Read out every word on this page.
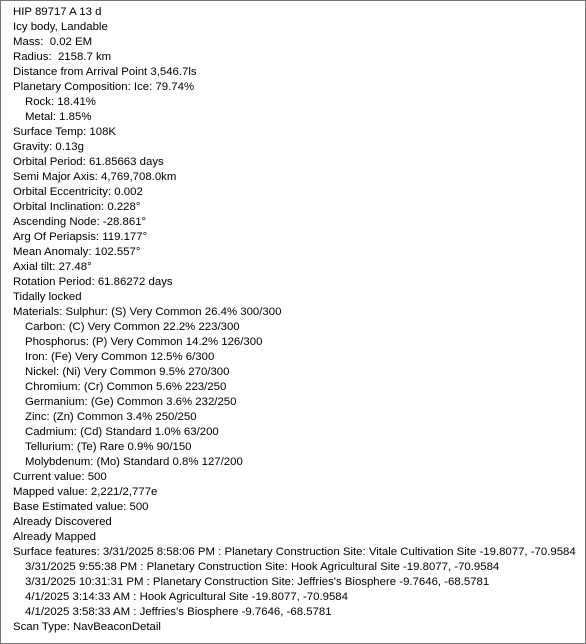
HIP 89717 A 13 d
Icy body, Landable
Mass:  0.02 EM
Radius:  2158.7 km
Distance from Arrival Point 3,546.7ls
Planetary Composition: Ice: 79.74%
Rock: 18.41%
Metal: 1.85%
Surface Temp: 108K
Gravity: 0.13g
Orbital Period: 61.85663 days
Semi Major Axis: 4,769,708.0km
Orbital Eccentricity: 0.002
Orbital Inclination: 0.228°
Ascending Node: -28.861°
Arg Of Periapsis: 119.177°
Mean Anomaly: 102.557°
Axial tilt: 27.48°
Rotation Period: 61.86272 days
Tidally locked
Materials: Sulphur: (S) Very Common 26.4% 300/300
Carbon: (C) Very Common 22.2% 223/300
Phosphorus: (P) Very Common 14.2% 126/300
Iron: (Fe) Very Common 12.5% 6/300
Nickel: (Ni) Very Common 9.5% 270/300
Chromium: (Cr) Common 5.6% 223/250
Germanium: (Ge) Common 3.6% 232/250
Zinc: (Zn) Common 3.4% 250/250
Cadmium: (Cd) Standard 1.0% 63/200
Tellurium: (Te) Rare 0.9% 90/150
Molybdenum: (Mo) Standard 0.8% 127/200
Current value: 500
Mapped value: 2,221/2,777e
Base Estimated value: 500
Already Discovered
Already Mapped
Surface features: 3/31/2025 8:58:06 PM : Planetary Construction Site: Vitale Cultivation Site -19.8077, -70.9584
3/31/2025 9:55:38 PM : Planetary Construction Site: Hook Agricultural Site -19.8077, -70.9584
3/31/2025 10:31:31 PM : Planetary Construction Site: Jeffries's Biosphere -9.7646, -68.5781
4/1/2025 3:14:33 AM : Hook Agricultural Site -19.8077, -70.9584
4/1/2025 3:58:33 AM : Jeffries's Biosphere -9.7646, -68.5781
Scan Type: NavBeaconDetail
